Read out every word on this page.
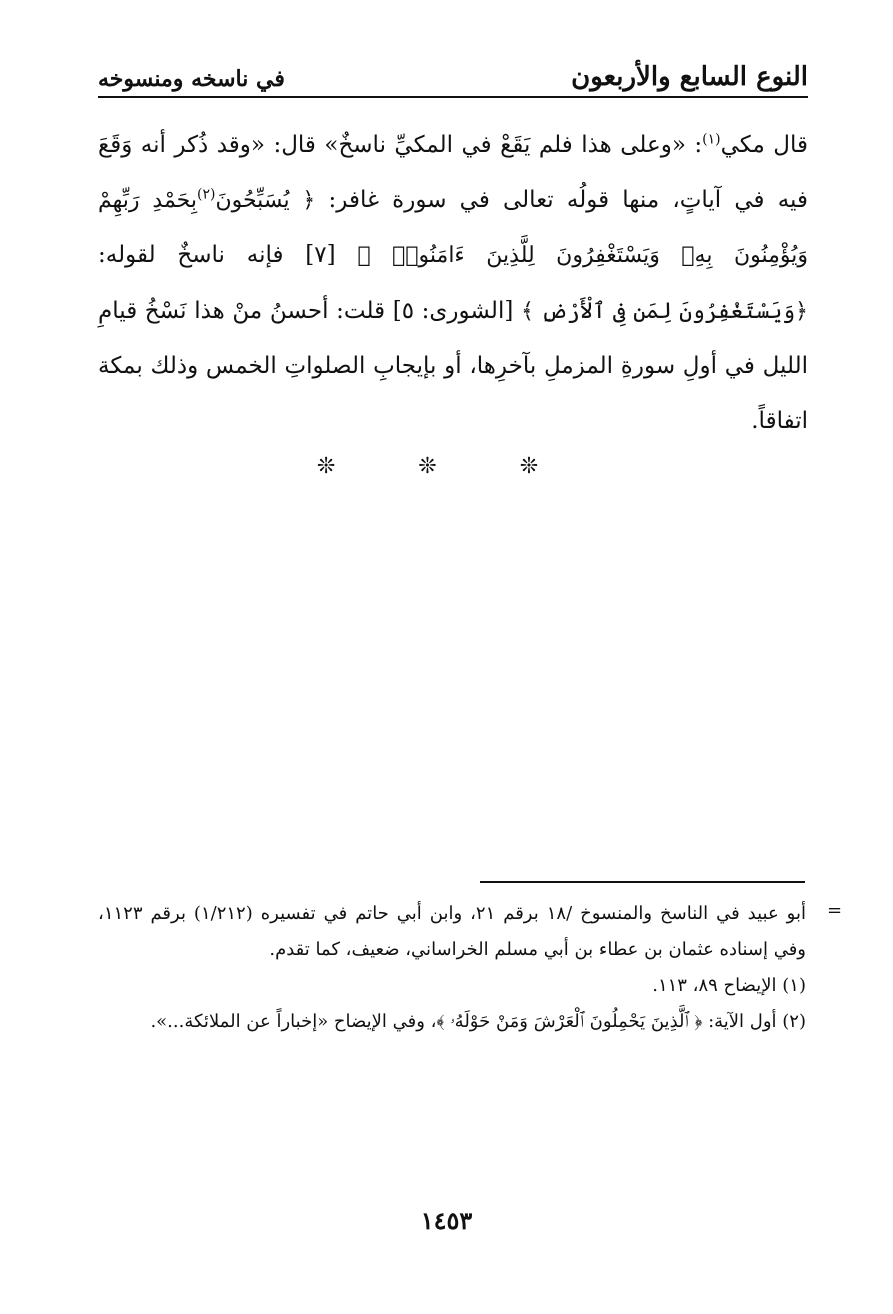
النوع السابع والأربعون
في ناسخه ومنسوخه

قال مكي$^{(١)}$: «وعلى هذا فلم يَقَعْ في المكيِّ ناسخٌ» قال: «وقد ذُكر أنه وَقَعَ فيه في آياتٍ، منها قولُه تعالى في سورة غافر: ﴿ يُسَبِّحُونَ$^{(٢)}$بِحَمْدِ رَبِّهِمْ وَيُؤْمِنُونَ بِهِۦ وَيَسْتَغْفِرُونَ لِلَّذِينَ ءَامَنُوا۟ ﴾ [٧] فإنه ناسخٌ لقوله: ﴿وَيَسْتَغْفِرُونَ لِمَن فِى ٱلْأَرْضِ ﴾ [الشورى: ٥] قلت: أحسنُ منْ هذا نَسْخُ قيامِ الليل في أولِ سورةِ المزملِ بآخرِها، أو بإيجابِ الصلواتِ الخمس وذلك بمكة اتفاقاً.

❊ ❊ ❊
=

أبو عبيد في الناسخ والمنسوخ /١٨ برقم ٢١، وابن أبي حاتم في تفسيره (١/٢١٢) برقم ١١٢٣، وفي إسناده عثمان بن عطاء بن أبي مسلم الخراساني، ضعيف، كما تقدم.

(١) الإيضاح ٨٩، ١١٣.

(٢) أول الآية: ﴿ ٱلَّذِينَ يَحْمِلُونَ ٱلْعَرْشَ وَمَنْ حَوْلَهُۥ ﴾، وفي الإيضاح «إخباراً عن الملائكة...».

١٤٥٣
